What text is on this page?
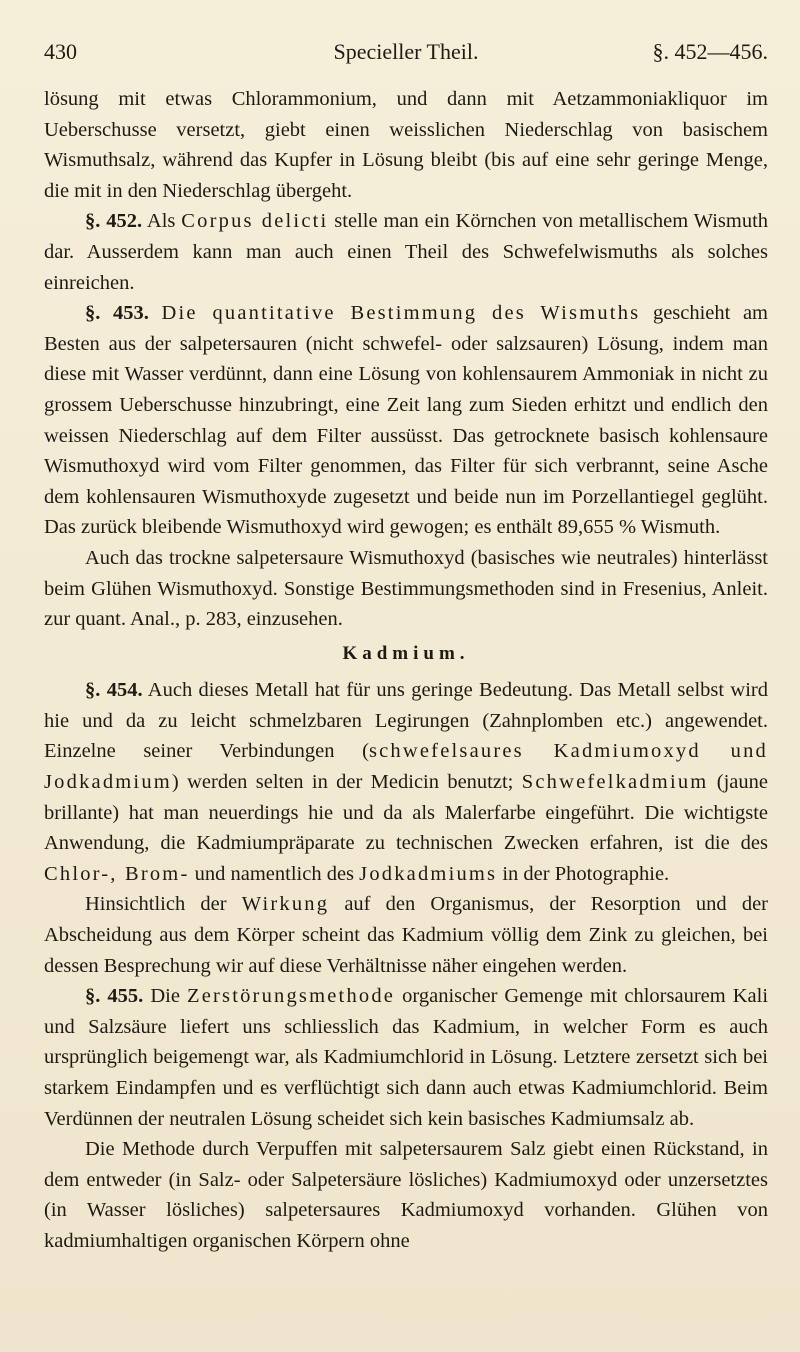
430	Specieller Theil.	§. 452—456.

lösung mit etwas Chlorammonium, und dann mit Aetzammoniakliquor im Ueberschusse versetzt, giebt einen weisslichen Niederschlag von basischem Wismuthsalz, während das Kupfer in Lösung bleibt (bis auf eine sehr geringe Menge, die mit in den Niederschlag übergeht.

§. 452. Als Corpus delicti stelle man ein Körnchen von metallischem Wismuth dar. Ausserdem kann man auch einen Theil des Schwefelwismuths als solches einreichen.

§. 453. Die quantitative Bestimmung des Wismuths geschieht am Besten aus der salpetersauren (nicht schwefel- oder salzsauren) Lösung, indem man diese mit Wasser verdünnt, dann eine Lösung von kohlensaurem Ammoniak in nicht zu grossem Ueberschusse hinzubringt, eine Zeit lang zum Sieden erhitzt und endlich den weissen Niederschlag auf dem Filter aussüsst. Das getrocknete basisch kohlensaure Wismuthoxyd wird vom Filter genommen, das Filter für sich verbrannt, seine Asche dem kohlensauren Wismuthoxyde zugesetzt und beide nun im Porzellantiegel geglüht. Das zurück bleibende Wismuthoxyd wird gewogen; es enthält 89,655 % Wismuth.

Auch das trockne salpetersaure Wismuthoxyd (basisches wie neutrales) hinterlässt beim Glühen Wismuthoxyd. Sonstige Bestimmungsmethoden sind in Fresenius, Anleit. zur quant. Anal., p. 283, einzusehen.

Kadmium.

§. 454. Auch dieses Metall hat für uns geringe Bedeutung. Das Metall selbst wird hie und da zu leicht schmelzbaren Legirungen (Zahnplomben etc.) angewendet. Einzelne seiner Verbindungen (schwefelsaures Kadmiumoxyd und Jodkadmium) werden selten in der Medicin benutzt; Schwefelkadmium (jaune brillante) hat man neuerdings hie und da als Malerfarbe eingeführt. Die wichtigste Anwendung, die Kadmiumpräparate zu technischen Zwecken erfahren, ist die des Chlor-, Brom- und namentlich des Jodkadmiums in der Photographie.

Hinsichtlich der Wirkung auf den Organismus, der Resorption und der Abscheidung aus dem Körper scheint das Kadmium völlig dem Zink zu gleichen, bei dessen Besprechung wir auf diese Verhältnisse näher eingehen werden.

§. 455. Die Zerstörungsmethode organischer Gemenge mit chlorsaurem Kali und Salzsäure liefert uns schliesslich das Kadmium, in welcher Form es auch ursprünglich beigemengt war, als Kadmiumchlorid in Lösung. Letztere zersetzt sich bei starkem Eindampfen und es verflüchtigt sich dann auch etwas Kadmiumchlorid. Beim Verdünnen der neutralen Lösung scheidet sich kein basisches Kadmiumsalz ab.

Die Methode durch Verpuffen mit salpetersaurem Salz giebt einen Rückstand, in dem entweder (in Salz- oder Salpetersäure lösliches) Kadmiumoxyd oder unzersetztes (in Wasser lösliches) salpetersaures Kadmiumoxyd vorhanden. Glühen von kadmiumhaltigen organischen Körpern ohne
